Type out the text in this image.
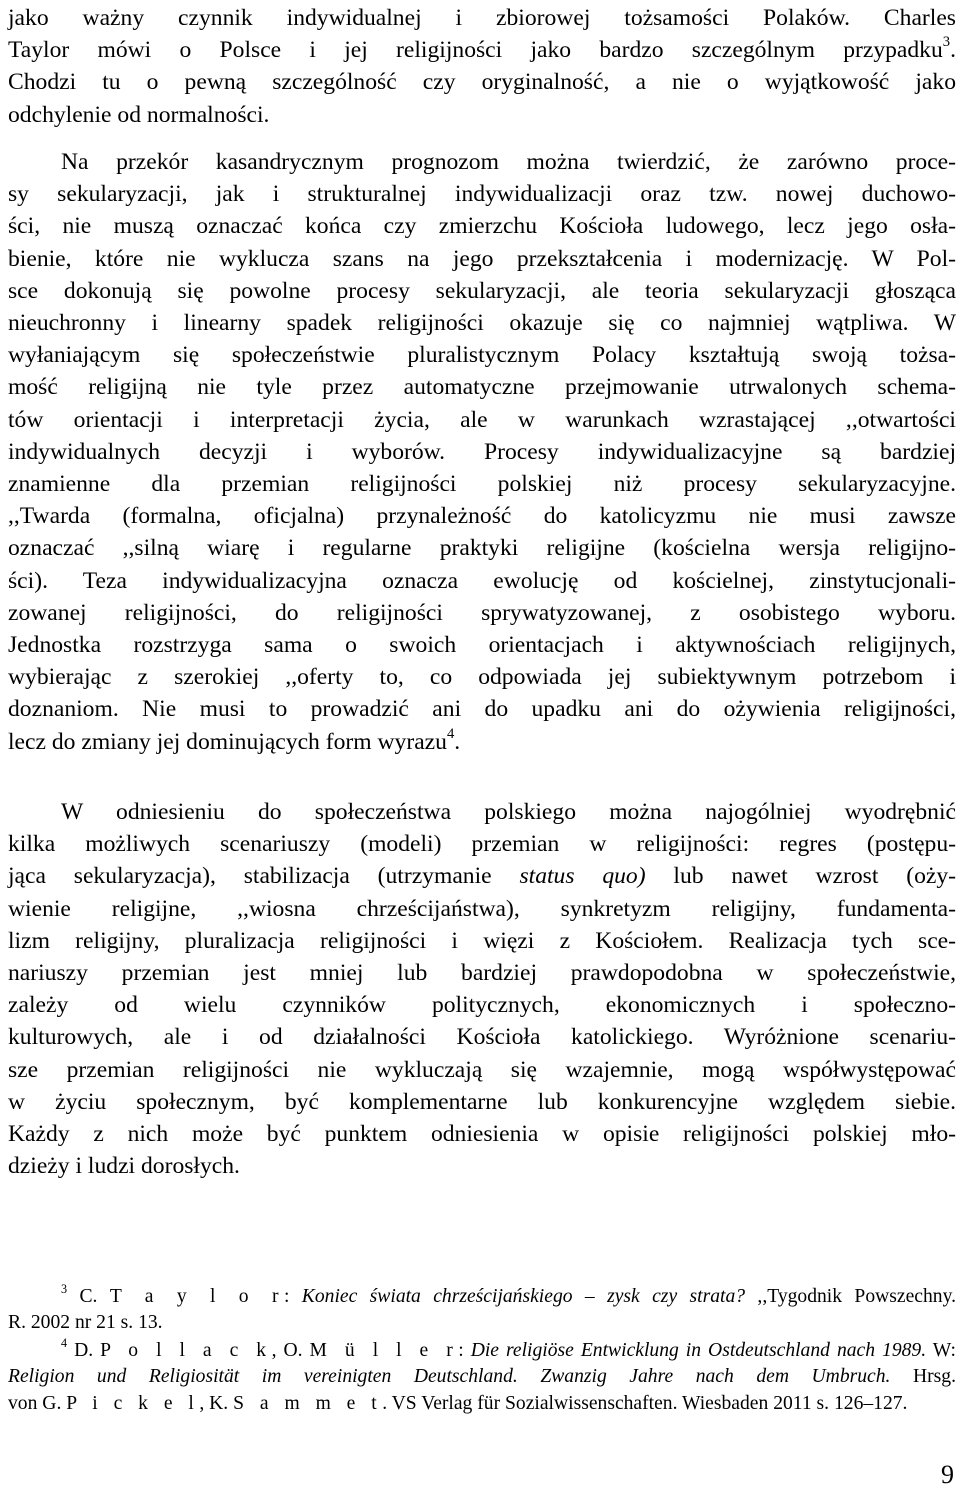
jako ważny czynnik indywidualnej i zbiorowej tożsamości Polaków. Charles
Taylor mówi o Polsce i jej religijności jako bardzo szczególnym przypadku$^3$.
Chodzi tu o pewną szczególność czy oryginalność, a nie o wyjątkowość jako
odchylenie od normalności.
Na przekór kasandrycznym prognozom można twierdzić, że zarówno proce-
sy sekularyzacji, jak i strukturalnej indywidualizacji oraz tzw. nowej duchowo-
ści, nie muszą oznaczać końca czy zmierzchu Kościoła ludowego, lecz jego osła-
bienie, które nie wyklucza szans na jego przekształcenia i modernizację. W Pol-
sce dokonują się powolne procesy sekularyzacji, ale teoria sekularyzacji głosząca
nieuchronny i linearny spadek religijności okazuje się co najmniej wątpliwa. W
wyłaniającym się społeczeństwie pluralistycznym Polacy kształtują swoją tożsa-
mość religijną nie tyle przez automatyczne przejmowanie utrwalonych schema-
tów orientacji i interpretacji życia, ale w warunkach wzrastającej ,,otwartości
indywidualnych decyzji i wyborów. Procesy indywidualizacyjne są bardziej
znamienne dla przemian religijności polskiej niż procesy sekularyzacyjne.
,,Twarda (formalna, oficjalna) przynależność do katolicyzmu nie musi zawsze
oznaczać ,,silną wiarę i regularne praktyki religijne (kościelna wersja religijno-
ści). Teza indywidualizacyjna oznacza ewolucję od kościelnej, zinstytucjonali-
zowanej religijności, do religijności sprywatyzowanej, z osobistego wyboru.
Jednostka rozstrzyga sama o swoich orientacjach i aktywnościach religijnych,
wybierając z szerokiej ,,oferty to, co odpowiada jej subiektywnym potrzebom i
doznaniom. Nie musi to prowadzić ani do upadku ani do ożywienia religijności,
lecz do zmiany jej dominujących form wyrazu$^4$.
W odniesieniu do społeczeństwa polskiego można najogólniej wyodrębnić
kilka możliwych scenariuszy (modeli) przemian w religijności: regres (postępu-
jąca sekularyzacja), stabilizacja (utrzymanie status quo) lub nawet wzrost (oży-
wienie religijne, ,,wiosna chrześcijaństwa), synkretyzm religijny, fundamenta-
lizm religijny, pluralizacja religijności i więzi z Kościołem. Realizacja tych sce-
nariuszy przemian jest mniej lub bardziej prawdopodobna w społeczeństwie,
zależy od wielu czynników politycznych, ekonomicznych i społeczno-
kulturowych, ale i od działalności Kościoła katolickiego. Wyróżnione scenariu-
sze przemian religijności nie wykluczają się wzajemnie, mogą współwystępować
w życiu społecznym, być komplementarne lub konkurencyjne względem siebie.
Każdy z nich może być punktem odniesienia w opisie religijności polskiej mło-
dzieży i ludzi dorosłych.
$^3$ C. T a y l o r: Koniec świata chrześcijańskiego – zysk czy strata? ,,Tygodnik Powszechny.
R. 2002 nr 21 s. 13.
$^4$ D. P o l l a c k, O. M ü l l e r: Die religiöse Entwicklung in Ostdeutschland nach 1989. W:
Religion und Religiosität im vereinigten Deutschland. Zwanzig Jahre nach dem Umbruch. Hrsg.
von G. P i c k e l, K. S a m m e t. VS Verlag für Sozialwissenschaften. Wiesbaden 2011 s. 126–127.
9
